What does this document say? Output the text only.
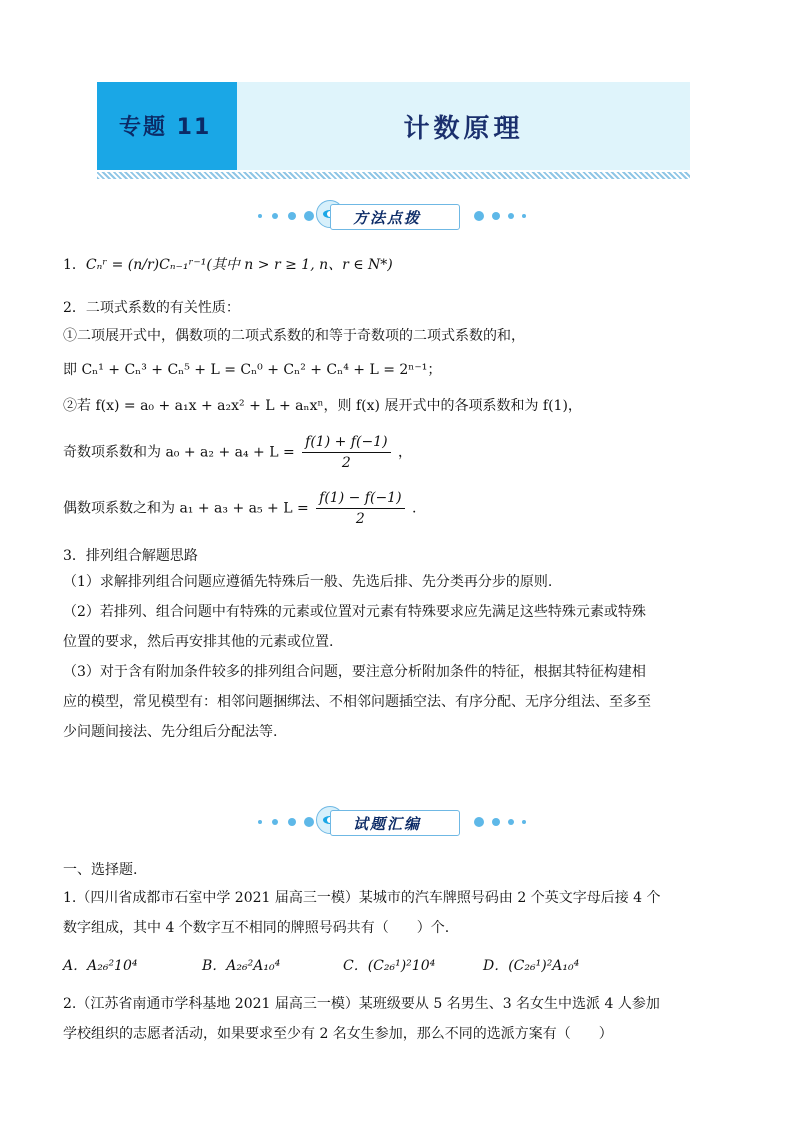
专题 11	计数原理
方法点拨
1．Cₙʳ = (n/r)Cₙ₋₁ʳ⁻¹(其中 n > r ≥ 1, n、r ∈ N*)
2．二项式系数的有关性质：
①二项展开式中，偶数项的二项式系数的和等于奇数项的二项式系数的和，
即 Cₙ¹ + Cₙ³ + Cₙ⁵ + L = Cₙ⁰ + Cₙ² + Cₙ⁴ + L = 2ⁿ⁻¹；
②若 f(x) = a₀ + a₁x + a₂x² + L + aₙxⁿ，则 f(x) 展开式中的各项系数和为 f(1)，
奇数项系数和为 $a_0 + a_2 + a_4 + L = \frac{f(1) + f(-1)}{2}$ ，
偶数项系数之和为 $a_1 + a_3 + a_5 + L = \frac{f(1) - f(-1)}{2}$ .
3．排列组合解题思路
（1）求解排列组合问题应遵循先特殊后一般、先选后排、先分类再分步的原则.
（2）若排列、组合问题中有特殊的元素或位置对元素有特殊要求应先满足这些特殊元素或特殊
位置的要求，然后再安排其他的元素或位置.
（3）对于含有附加条件较多的排列组合问题，要注意分析附加条件的特征，根据其特征构建相
应的模型，常见模型有：相邻问题捆绑法、不相邻问题插空法、有序分配、无序分组法、至多至
少问题间接法、先分组后分配法等.
试题汇编
一、选择题.
1.（四川省成都市石室中学 2021 届高三一模）某城市的汽车牌照号码由 2 个英文字母后接 4 个
数字组成，其中 4 个数字互不相同的牌照号码共有（　　）个.
A．A₂₆²10⁴	B．A₂₆²A₁₀⁴	C．(C₂₆¹)²10⁴	D．(C₂₆¹)²A₁₀⁴
2.（江苏省南通市学科基地 2021 届高三一模）某班级要从 5 名男生、3 名女生中选派 4 人参加
学校组织的志愿者活动，如果要求至少有 2 名女生参加，那么不同的选派方案有（　　）
